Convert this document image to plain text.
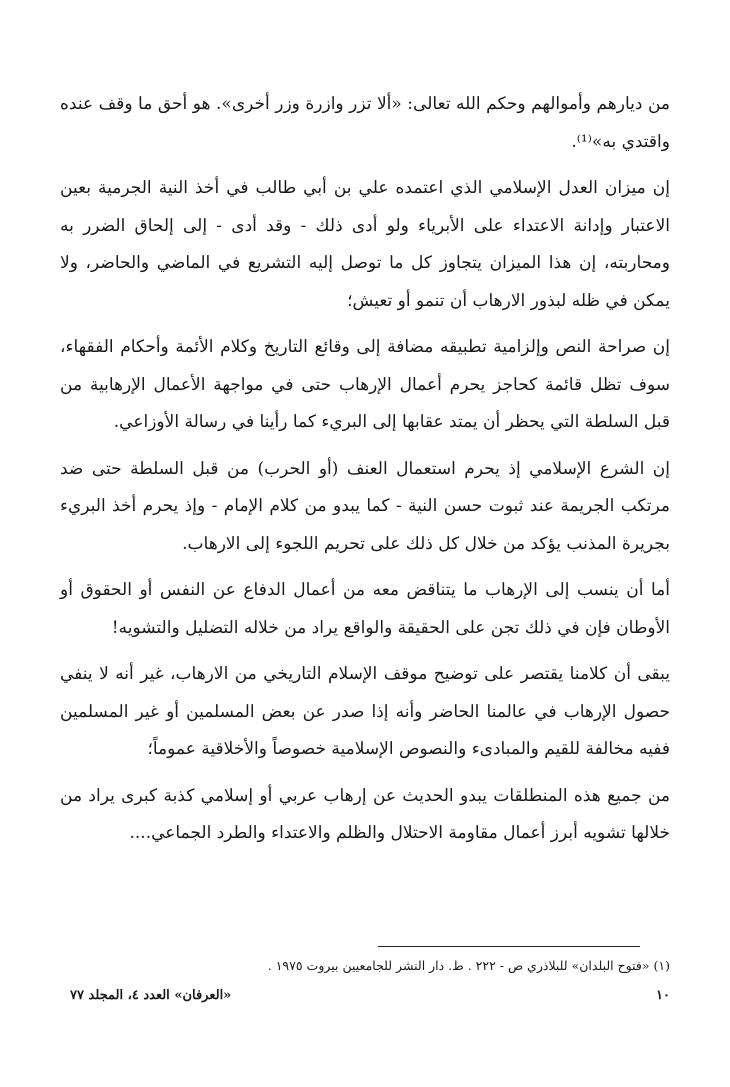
من ديارهم وأموالهم وحكم الله تعالى: «ألا تزر وازرة وزر أخرى». هو أحق ما وقف عنده واقتدي به»⁽¹⁾.

إن ميزان العدل الإسلامي الذي اعتمده علي بن أبي طالب في أخذ النية الجرمية بعين الاعتبار وإدانة الاعتداء على الأبرياء ولو أدى ذلك - وقد أدى - إلى إلحاق الضرر به ومحاربته، إن هذا الميزان يتجاوز كل ما توصل إليه التشريع في الماضي والحاضر، ولا يمكن في ظله لبذور الارهاب أن تنمو أو تعيش؛

إن صراحة النص وإلزامية تطبيقه مضافة إلى وقائع التاريخ وكلام الأئمة وأحكام الفقهاء، سوف تظل قائمة كحاجز يحرم أعمال الإرهاب حتى في مواجهة الأعمال الإرهابية من قبل السلطة التي يحظر أن يمتد عقابها إلى البريء كما رأينا في رسالة الأوزاعي.

إن الشرع الإسلامي إذ يحرم استعمال العنف (أو الحرب) من قبل السلطة حتى ضد مرتكب الجريمة عند ثبوت حسن النية - كما يبدو من كلام الإمام - وإذ يحرم أخذ البريء بجريرة المذنب يؤكد من خلال كل ذلك على تحريم اللجوء إلى الارهاب.

أما أن ينسب إلى الإرهاب ما يتناقض معه من أعمال الدفاع عن النفس أو الحقوق أو الأوطان فإن في ذلك تجن على الحقيقة والواقع يراد من خلاله التضليل والتشويه!

يبقى أن كلامنا يقتصر على توضيح موقف الإسلام التاريخي من الارهاب، غير أنه لا ينفي حصول الإرهاب في عالمنا الحاضر وأنه إذا صدر عن بعض المسلمين أو غير المسلمين ففيه مخالفة للقيم والمبادىء والنصوص الإسلامية خصوصاً والأخلاقية عموماً؛

من جميع هذه المنطلقات يبدو الحديث عن إرهاب عربي أو إسلامي كذبة كبرى يراد من خلالها تشويه أبرز أعمال مقاومة الاحتلال والظلم والاعتداء والطرد الجماعي....

(١) «فتوح البلدان» للبلاذري ص - ٢٢٢ . ط. دار النشر للجامعيين بيروت ١٩٧٥ .
١٠
«العرفان» العدد ٤، المجلد ٧٧
